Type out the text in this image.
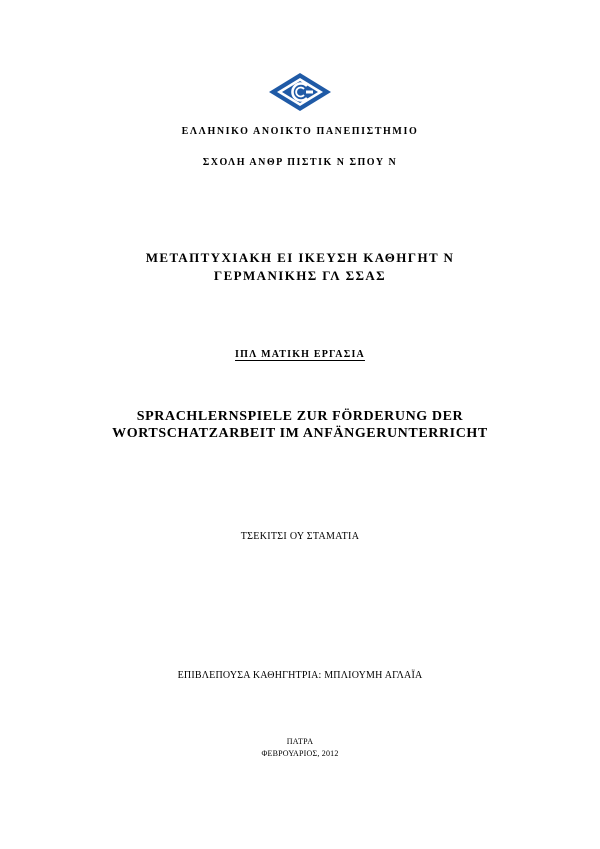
ΕΛΛΗΝΙΚΟ ΑΝΟΙΚΤΟ ΠΑΝΕΠΙΣΤΗΜΙΟ
ΣΧΟΛΗ ΑΝΘΡ ΠΙΣΤΙΚ Ν ΣΠΟΥ Ν
ΜΕΤΑΠΤΥΧΙΑΚΗ ΕΙ ΙΚΕΥΣΗ ΚΑΘΗΓΗΤ Ν
ΓΕΡΜΑΝΙΚΗΣ ΓΛ ΣΣΑΣ
ΙΠΛ ΜΑΤΙΚΗ ΕΡΓΑΣΙΑ
SPRACHLERNSPIELE ZUR FÖRDERUNG DER
WORTSCHATZARBEIT IM ANFÄNGERUNTERRICHT
ΤΣΕΚΙΤΣΙ ΟΥ ΣΤΑΜΑΤΙΑ
ΕΠΙΒΛΕΠΟΥΣΑ ΚΑΘΗΓΗΤΡΙΑ: ΜΠΛΙΟΥΜΗ ΑΓΛΑΪΑ
ΠΑΤΡΑ
ΦΕΒΡΟΥΑΡΙΟΣ, 2012
